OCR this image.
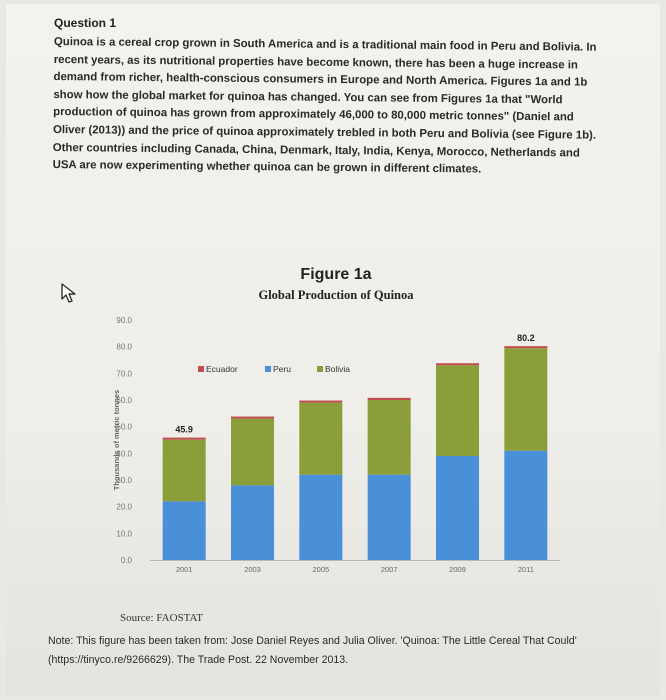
Question 1
Quinoa is a cereal crop grown in South America and is a traditional main food in Peru and Bolivia. In recent years, as its nutritional properties have become known, there has been a huge increase in demand from richer, health-conscious consumers in Europe and North America. Figures 1a and 1b show how the global market for quinoa has changed. You can see from Figures 1a that "World production of quinoa has grown from approximately 46,000 to 80,000 metric tonnes" (Daniel and Oliver (2013)) and the price of quinoa approximately trebled in both Peru and Bolivia (see Figure 1b). Other countries including Canada, China, Denmark, Italy, India, Kenya, Morocco, Netherlands and USA are now experimenting whether quinoa can be grown in different climates.
Figure 1a
Global Production of Quinoa
0.0
10.0
20.0
30.0
40.0
50.0
60.0
70.0
80.0
90.0
Thousands of metric tonnes
2001	2003	2005	2007	2009	2011
45.9
80.2
Ecuador	Peru	Bolivia
Source: FAOSTAT
Note: This figure has been taken from: Jose Daniel Reyes and Julia Oliver. 'Quinoa: The Little Cereal That Could' (https://tinyco.re/9266629). The Trade Post. 22 November 2013.
